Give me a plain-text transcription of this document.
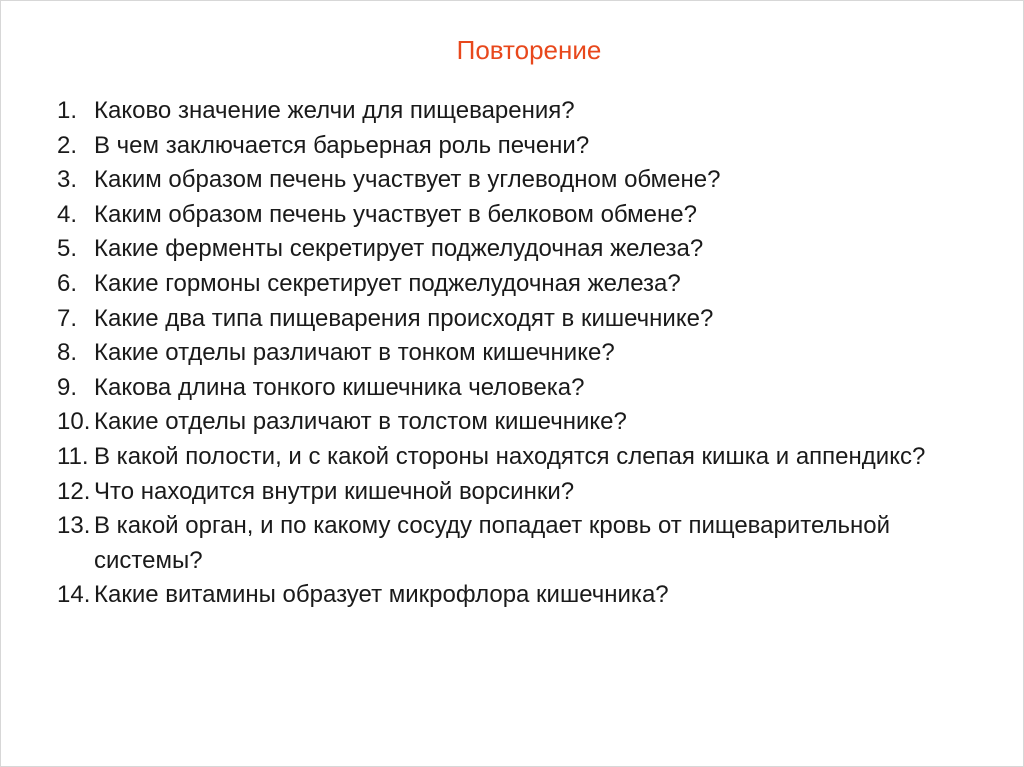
Повторение
1. Каково значение желчи для пищеварения?
2. В чем заключается барьерная роль печени?
3. Каким образом печень участвует в углеводном обмене?
4. Каким образом печень участвует в белковом обмене?
5. Какие ферменты секретирует поджелудочная железа?
6. Какие гормоны секретирует поджелудочная железа?
7. Какие два типа пищеварения происходят в кишечнике?
8. Какие отделы различают в тонком кишечнике?
9. Какова длина тонкого кишечника человека?
10. Какие отделы различают в толстом кишечнике?
11. В какой полости, и с какой стороны находятся слепая кишка и аппендикс?
12. Что находится внутри кишечной ворсинки?
13. В какой орган, и по какому сосуду попадает кровь от пищеварительной системы?
14. Какие витамины образует микрофлора кишечника?
